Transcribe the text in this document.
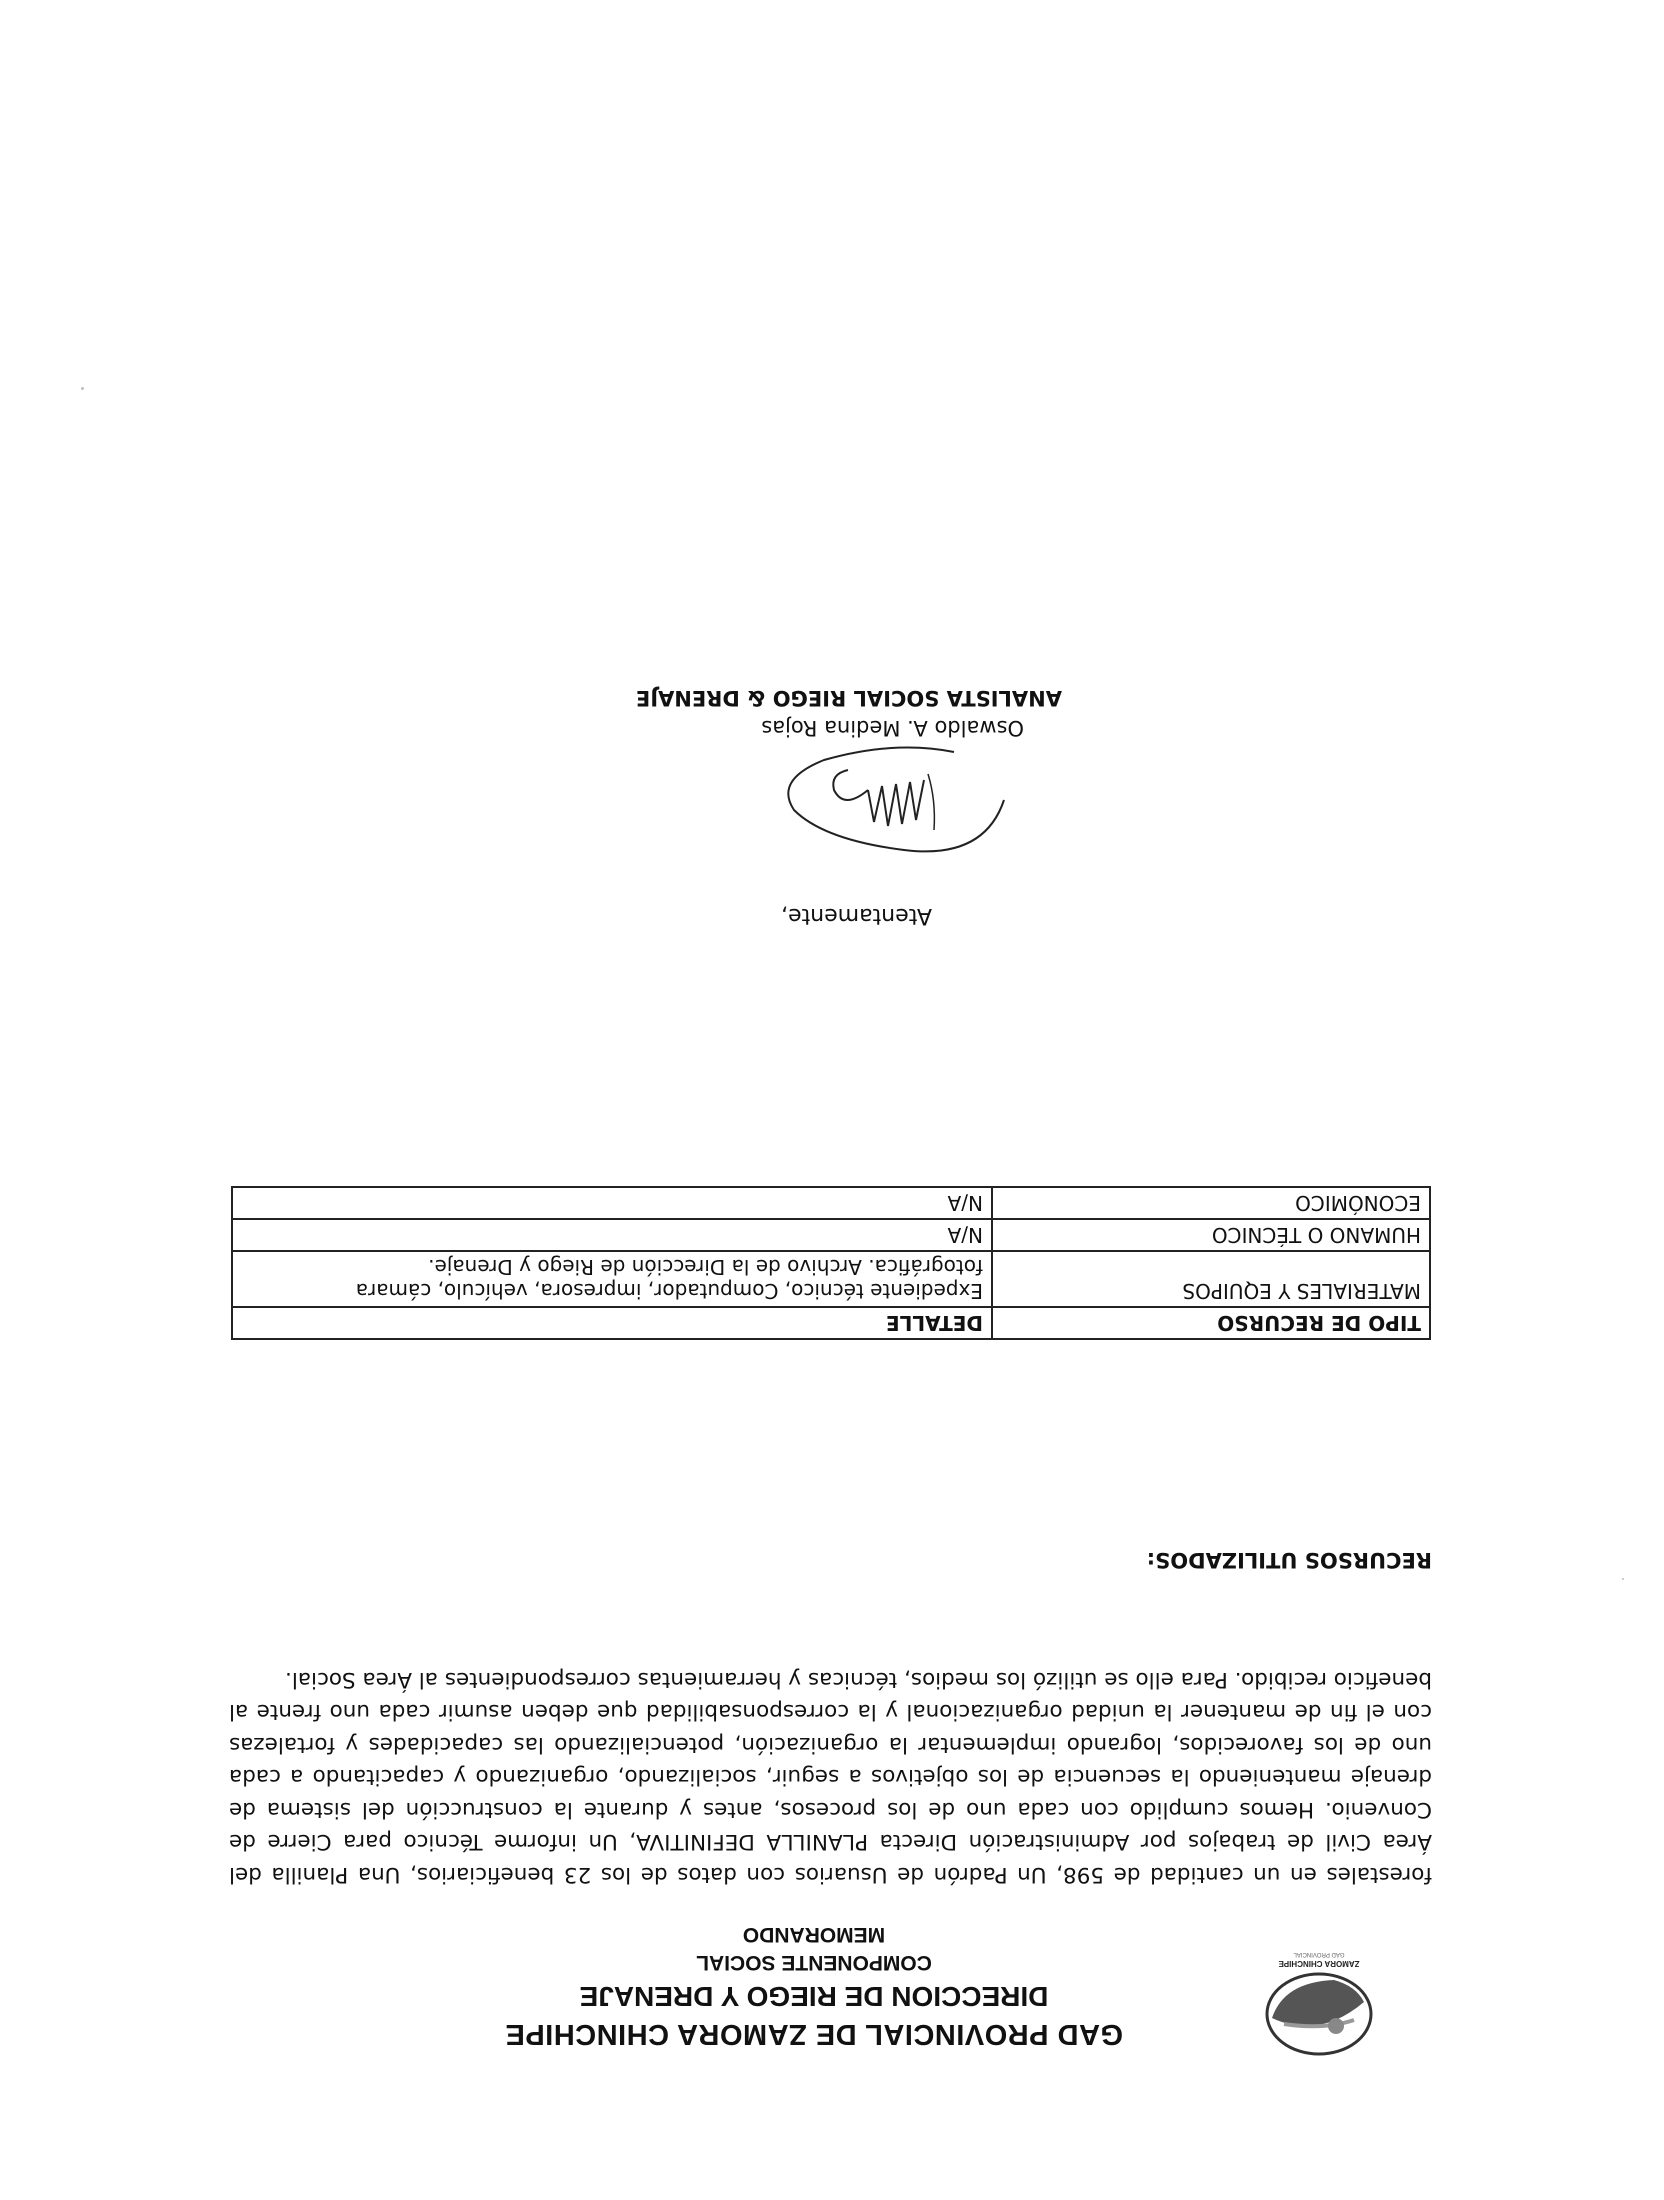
ZAMORA CHINCHIPE
GAD PROVINCIAL
GAD PROVINCIAL DE ZAMORA CHINCHIPE
DIRECCION DE RIEGO Y DRENAJE
COMPONENTE SOCIAL
MEMORANDO
forestales en un cantidad de 598, Un Padrón de Usuarios con datos de los 23 beneficiarios, Una Planilla del Área Civil de trabajos por Administración Directa PLANILLA DEFINITIVA, Un informe Técnico para Cierre de Convenio. Hemos cumplido con cada uno de los procesos, antes y durante la construcción del sistema de drenaje manteniendo la secuencia de los objetivos a seguir, socializando, organizando y capacitando a cada uno de los favorecidos, logrando implementar la organización, potencializando las capacidades y fortalezas con el fin de mantener la unidad organizacional y la corresponsabilidad que deben asumir cada uno frente al beneficio recibido. Para ello se utilizó los medios, técnicas y herramientas correspondientes al Área Social.
RECURSOS UTILIZADOS:
TIPO DE RECURSO	DETALLE
MATERIALES Y EQUIPOS	Expediente técnico, Computador, impresora, vehículo, cámara fotográfica. Archivo de la Dirección de Riego y Drenaje.
HUMANO O TÉCNICO	N/A
ECONÓMICO	N/A
Atentamente,
Oswaldo A. Medina Rojas
ANALISTA SOCIAL RIEGO & DRENAJE
